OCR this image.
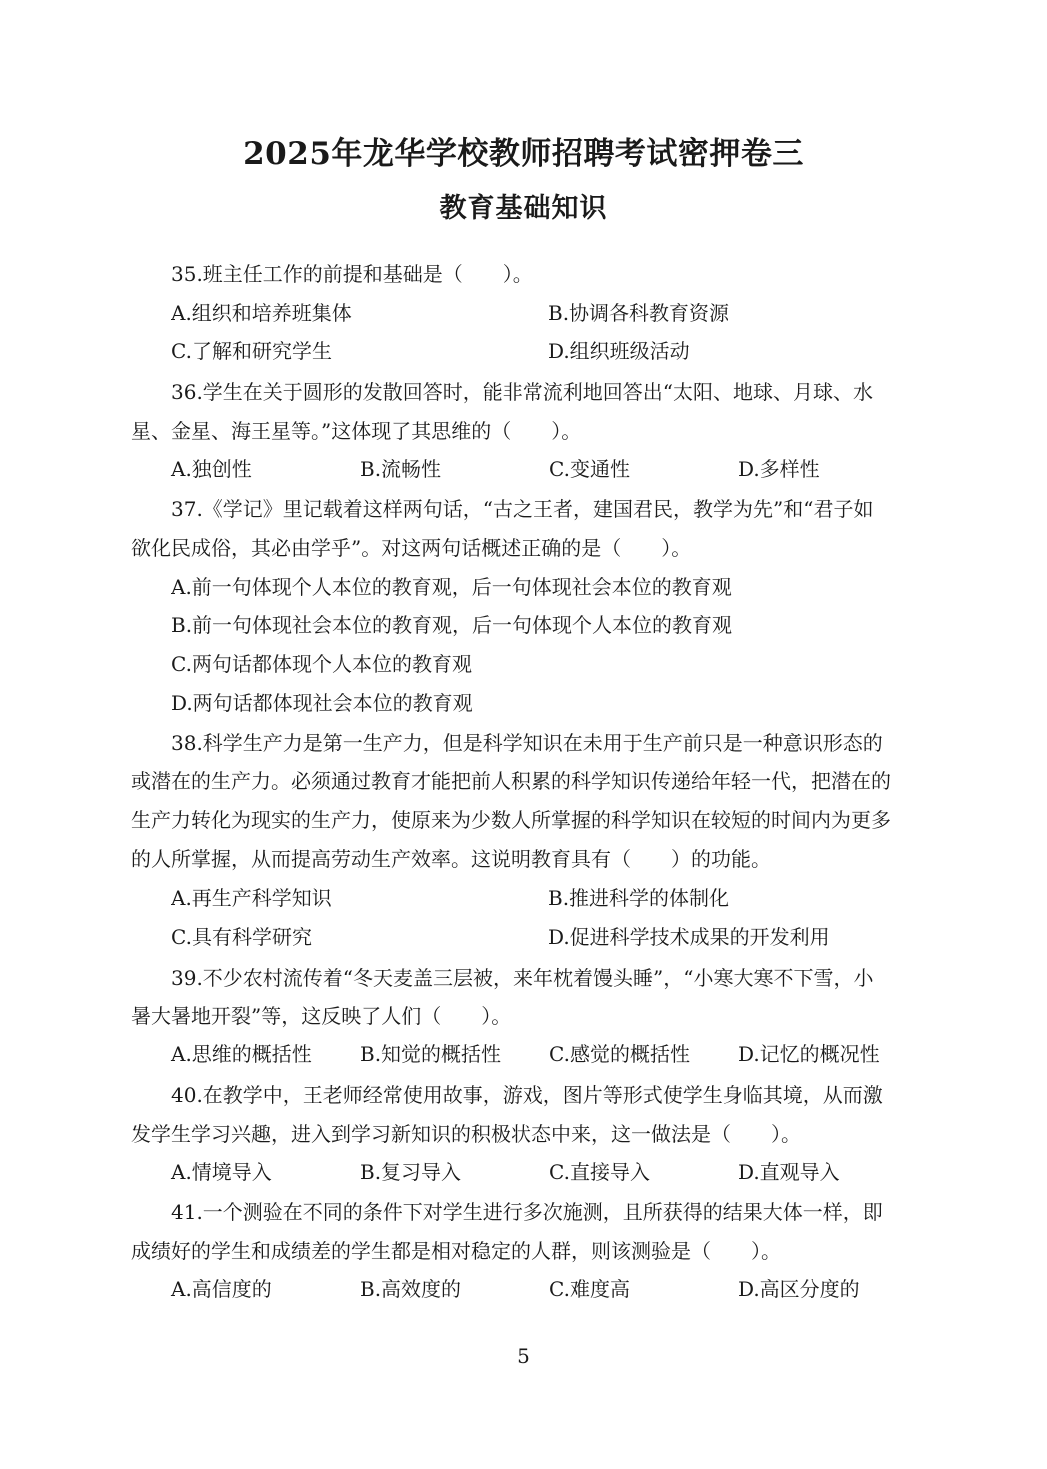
2025年龙华学校教师招聘考试密押卷三
教育基础知识
35.班主任工作的前提和基础是（　　）。
A.组织和培养班集体	B.协调各科教育资源
C.了解和研究学生	D.组织班级活动
36.学生在关于圆形的发散回答时，能非常流利地回答出“太阳、地球、月球、水
星、金星、海王星等。”这体现了其思维的（　　）。
A.独创性	B.流畅性	C.变通性	D.多样性
37.《学记》里记载着这样两句话，“古之王者，建国君民，教学为先”和“君子如
欲化民成俗，其必由学乎”。对这两句话概述正确的是（　　）。
A.前一句体现个人本位的教育观，后一句体现社会本位的教育观
B.前一句体现社会本位的教育观，后一句体现个人本位的教育观
C.两句话都体现个人本位的教育观
D.两句话都体现社会本位的教育观
38.科学生产力是第一生产力，但是科学知识在未用于生产前只是一种意识形态的
或潜在的生产力。必须通过教育才能把前人积累的科学知识传递给年轻一代，把潜在的
生产力转化为现实的生产力，使原来为少数人所掌握的科学知识在较短的时间内为更多
的人所掌握，从而提高劳动生产效率。这说明教育具有（　　）的功能。
A.再生产科学知识	B.推进科学的体制化
C.具有科学研究	D.促进科学技术成果的开发利用
39.不少农村流传着“冬天麦盖三层被，来年枕着馒头睡”，“小寒大寒不下雪，小
暑大暑地开裂”等，这反映了人们（　　）。
A.思维的概括性 B.知觉的概括性 C.感觉的概括性 D.记忆的概况性
40.在教学中，王老师经常使用故事，游戏，图片等形式使学生身临其境，从而激
发学生学习兴趣，进入到学习新知识的积极状态中来，这一做法是（　　）。
A.情境导入	B.复习导入	C.直接导入	D.直观导入
41.一个测验在不同的条件下对学生进行多次施测，且所获得的结果大体一样，即
成绩好的学生和成绩差的学生都是相对稳定的人群，则该测验是（　　）。
A.高信度的	B.高效度的	C.难度高	D.高区分度的
5
